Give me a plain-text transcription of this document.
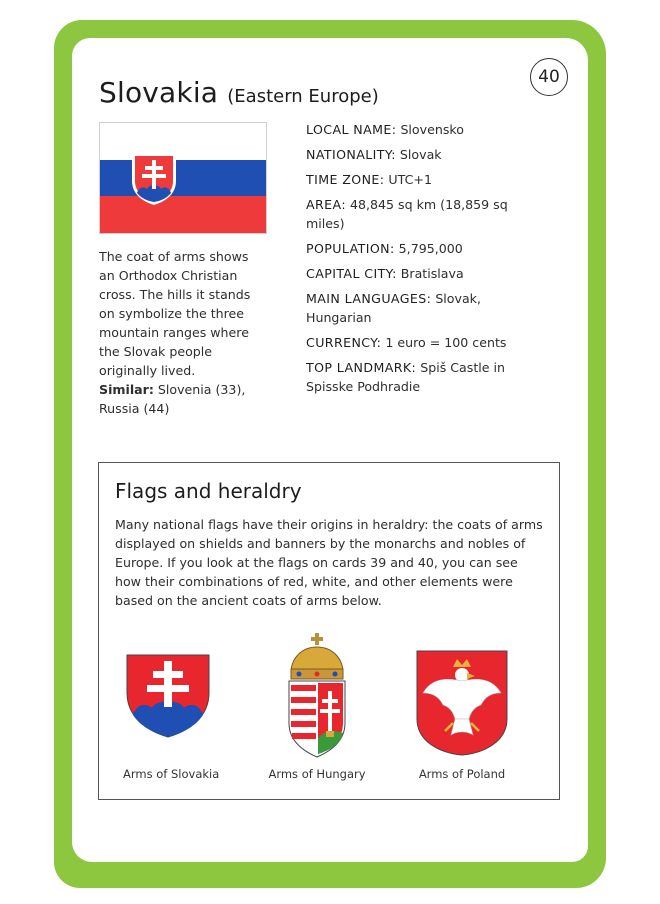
40
Slovakia (Eastern Europe)
The coat of arms shows an Orthodox Christian cross. The hills it stands on symbolize the three mountain ranges where the Slovak people originally lived.
Similar: Slovenia (33), Russia (44)
LOCAL NAME: Slovensko
NATIONALITY: Slovak
TIME ZONE: UTC+1
AREA: 48,845 sq km (18,859 sq miles)
POPULATION: 5,795,000
CAPITAL CITY: Bratislava
MAIN LANGUAGES: Slovak, Hungarian
CURRENCY: 1 euro = 100 cents
TOP LANDMARK: Spiš Castle in Spisske Podhradie
Flags and heraldry
Many national flags have their origins in heraldry: the coats of arms displayed on shields and banners by the monarchs and nobles of Europe. If you look at the flags on cards 39 and 40, you can see how their combinations of red, white, and other elements were based on the ancient coats of arms below.
Arms of Slovakia	Arms of Hungary	Arms of Poland
